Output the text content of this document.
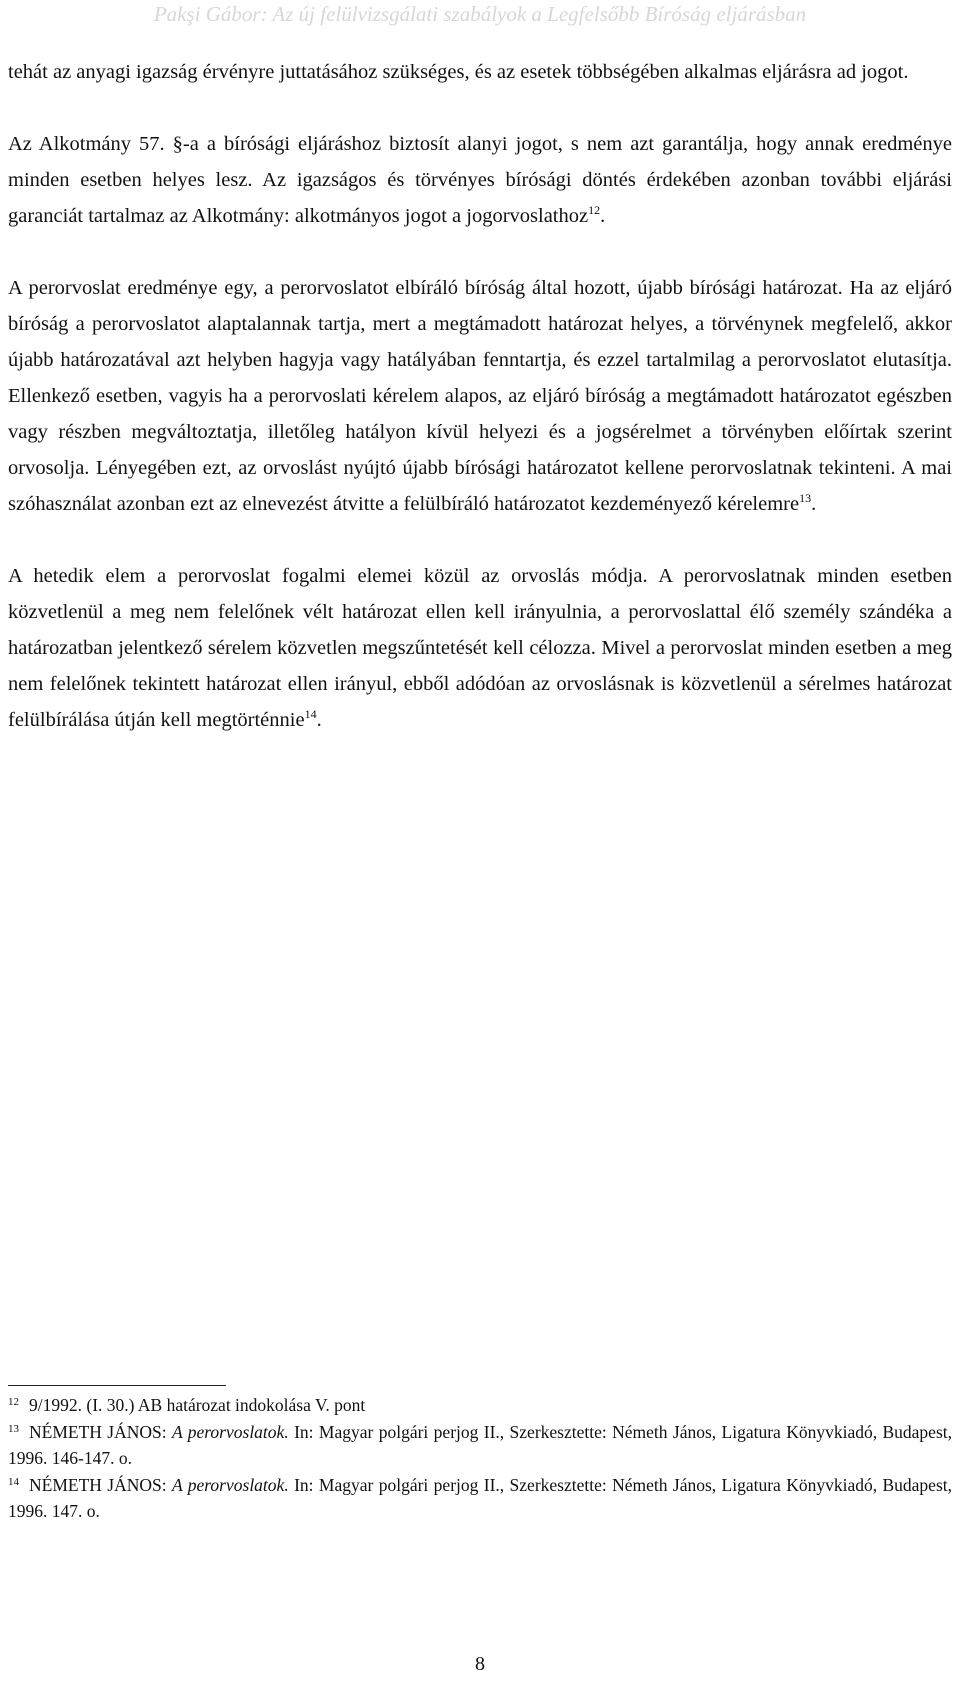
Pakşi Gábor: Az új felülvizsgálati szabályok a Legfelsőbb Bíróság eljárásban

tehát az anyagi igazság érvényre juttatásához szükséges, és az esetek többségében alkalmas eljárásra ad jogot.

Az Alkotmány 57. §-a a bírósági eljáráshoz biztosít alanyi jogot, s nem azt garantálja, hogy annak eredménye minden esetben helyes lesz. Az igazságos és törvényes bírósági döntés érdekében azonban további eljárási garanciát tartalmaz az Alkotmány: alkotmányos jogot a jogorvoslathoz$^{12}$.

A perorvoslat eredménye egy, a perorvoslatot elbíráló bíróság által hozott, újabb bírósági határozat. Ha az eljáró bíróság a perorvoslatot alaptalannak tartja, mert a megtámadott határozat helyes, a törvénynek megfelelő, akkor újabb határozatával azt helyben hagyja vagy hatályában fenntartja, és ezzel tartalmilag a perorvoslatot elutasítja. Ellenkező esetben, vagyis ha a perorvoslati kérelem alapos, az eljáró bíróság a megtámadott határozatot egészben vagy részben megváltoztatja, illetőleg hatályon kívül helyezi és a jogsérelmet a törvényben előírtak szerint orvosolja. Lényegében ezt, az orvoslást nyújtó újabb bírósági határozatot kellene perorvoslatnak tekinteni. A mai szóhasználat azonban ezt az elnevezést átvitte a felülbíráló határozatot kezdeményező kérelemre$^{13}$.

A hetedik elem a perorvoslat fogalmi elemei közül az orvoslás módja. A perorvoslatnak minden esetben közvetlenül a meg nem felelőnek vélt határozat ellen kell irányulnia, a perorvoslattal élő személy szándéka a határozatban jelentkező sérelem közvetlen megszűntetését kell célozza. Mivel a perorvoslat minden esetben a meg nem felelőnek tekintett határozat ellen irányul, ebből adódóan az orvoslásnak is közvetlenül a sérelmes határozat felülbírálása útján kell megtörténnie$^{14}$.

$^{12}$ 9/1992. (I. 30.) AB határozat indokolása V. pont

$^{13}$ NÉMETH JÁNOS: A perorvoslatok. In: Magyar polgári perjog II., Szerkesztette: Németh János, Ligatura Könyvkiadó, Budapest, 1996. 146-147. o.

$^{14}$ NÉMETH JÁNOS: A perorvoslatok. In: Magyar polgári perjog II., Szerkesztette: Németh János, Ligatura Könyvkiadó, Budapest, 1996. 147. o.

8
